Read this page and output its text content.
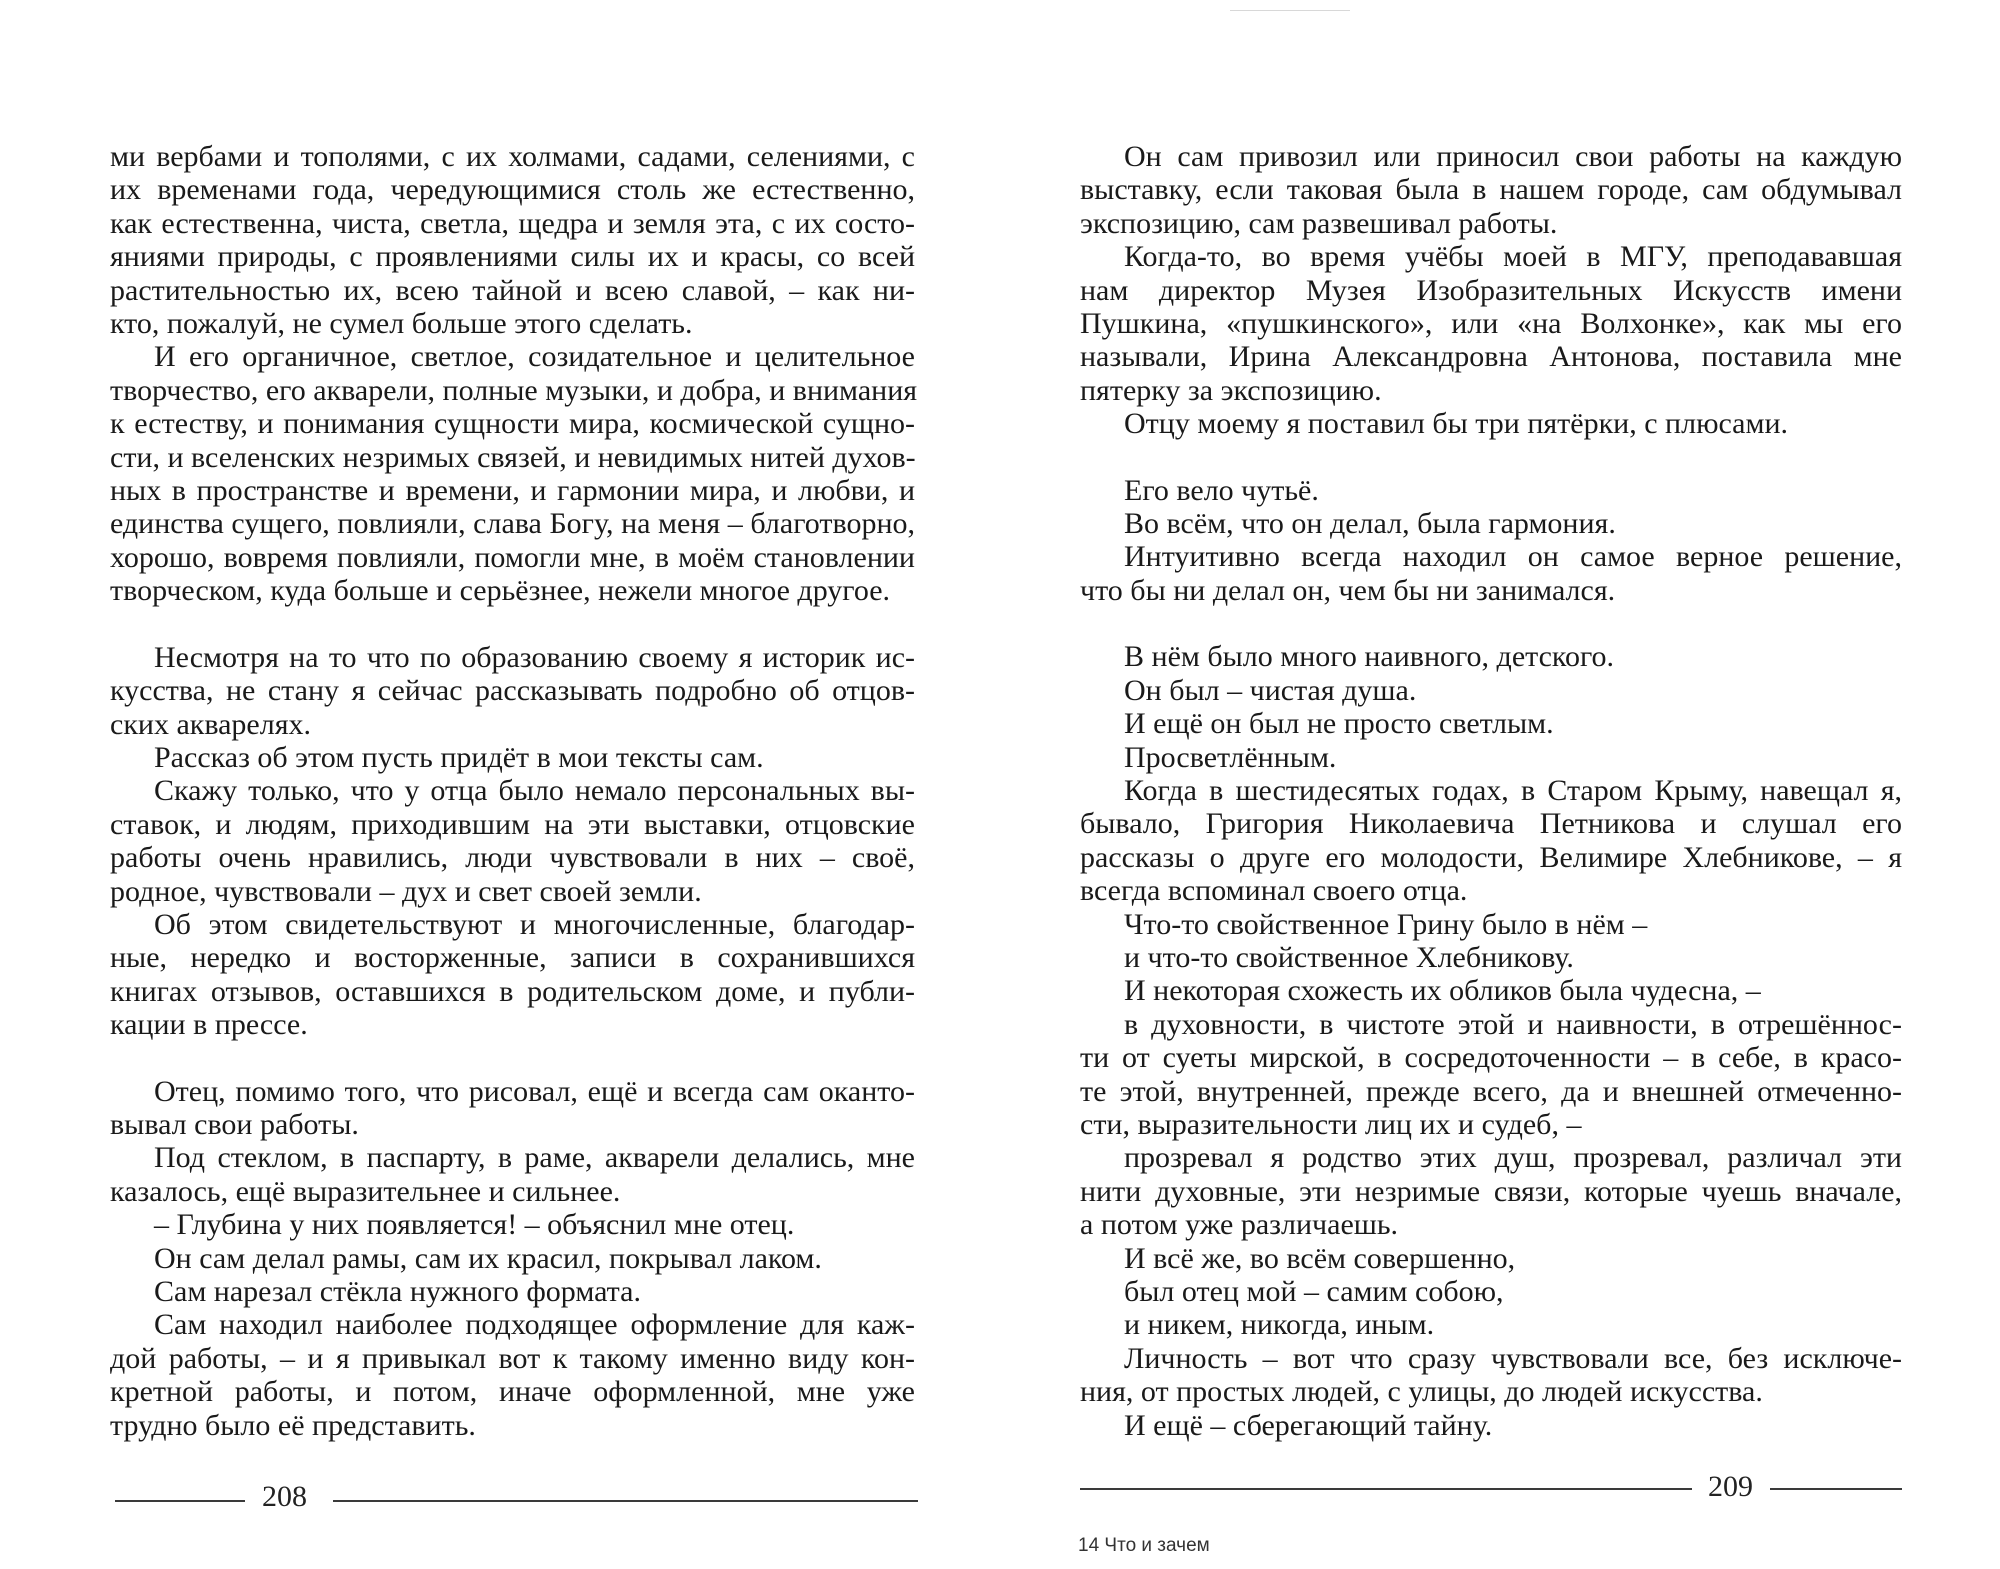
ми вербами и тополями, с их холмами, садами, селениями, с
их временами года, чередующимися столь же естественно,
как естественна, чиста, светла, щедра и земля эта, с их состо-
яниями природы, с проявлениями силы их и красы, со всей
растительностью их, всею тайной и всею славой, – как ни-
кто, пожалуй, не сумел больше этого сделать.
И его органичное, светлое, созидательное и целительное
творчество, его акварели, полные музыки, и добра, и внимания
к естеству, и понимания сущности мира, космической сущно-
сти, и вселенских незримых связей, и невидимых нитей духов-
ных в пространстве и времени, и гармонии мира, и любви, и
единства сущего, повлияли, слава Богу, на меня – благотворно,
хорошо, вовремя повлияли, помогли мне, в моём становлении
творческом, куда больше и серьёзнее, нежели многое другое.
Несмотря на то что по образованию своему я историк ис-
кусства, не стану я сейчас рассказывать подробно об отцов-
ских акварелях.
Рассказ об этом пусть придёт в мои тексты сам.
Скажу только, что у отца было немало персональных вы-
ставок, и людям, приходившим на эти выставки, отцовские
работы очень нравились, люди чувствовали в них – своё,
родное, чувствовали – дух и свет своей земли.
Об этом свидетельствуют и многочисленные, благодар-
ные, нередко и восторженные, записи в сохранившихся
книгах отзывов, оставшихся в родительском доме, и публи-
кации в прессе.
Отец, помимо того, что рисовал, ещё и всегда сам оканто-
вывал свои работы.
Под стеклом, в паспарту, в раме, акварели делались, мне
казалось, ещё выразительнее и сильнее.
– Глубина у них появляется! – объяснил мне отец.
Он сам делал рамы, сам их красил, покрывал лаком.
Сам нарезал стёкла нужного формата.
Сам находил наиболее подходящее оформление для каж-
дой работы, – и я привыкал вот к такому именно виду кон-
кретной работы, и потом, иначе оформленной, мне уже
трудно было её представить.
Он сам привозил или приносил свои работы на каждую
выставку, если таковая была в нашем городе, сам обдумывал
экспозицию, сам развешивал работы.
Когда-то, во время учёбы моей в МГУ, преподававшая
нам директор Музея Изобразительных Искусств имени
Пушкина, «пушкинского», или «на Волхонке», как мы его
называли, Ирина Александровна Антонова, поставила мне
пятерку за экспозицию.
Отцу моему я поставил бы три пятёрки, с плюсами.
Его вело чутьё.
Во всём, что он делал, была гармония.
Интуитивно всегда находил он самое верное решение,
что бы ни делал он, чем бы ни занимался.
В нём было много наивного, детского.
Он был – чистая душа.
И ещё он был не просто светлым.
Просветлённым.
Когда в шестидесятых годах, в Старом Крыму, навещал я,
бывало, Григория Николаевича Петникова и слушал его
рассказы о друге его молодости, Велимире Хлебникове, – я
всегда вспоминал своего отца.
Что-то свойственное Грину было в нём –
и что-то свойственное Хлебникову.
И некоторая схожесть их обликов была чудесна, –
в духовности, в чистоте этой и наивности, в отрешённос-
ти от суеты мирской, в сосредоточенности – в себе, в красо-
те этой, внутренней, прежде всего, да и внешней отмеченно-
сти, выразительности лиц их и судеб, –
прозревал я родство этих душ, прозревал, различал эти
нити духовные, эти незримые связи, которые чуешь вначале,
а потом уже различаешь.
И всё же, во всём совершенно,
был отец мой – самим собою,
и никем, никогда, иным.
Личность – вот что сразу чувствовали все, без исключе-
ния, от простых людей, с улицы, до людей искусства.
И ещё – сберегающий тайну.
208	209
14 Что и зачем
